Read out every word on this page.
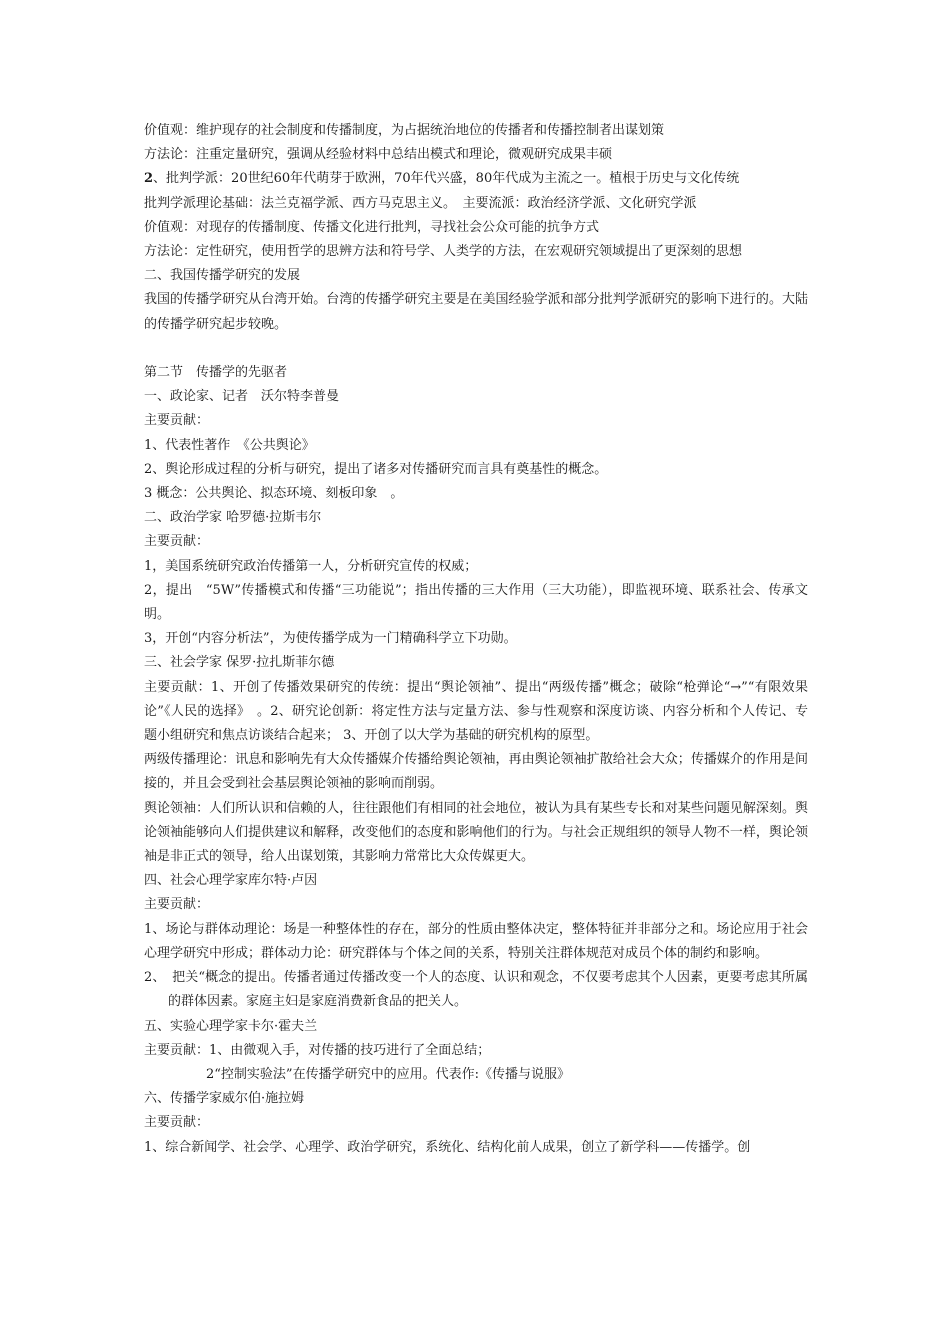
价值观：维护现存的社会制度和传播制度，为占据统治地位的传播者和传播控制者出谋划策
方法论：注重定量研究，强调从经验材料中总结出模式和理论，微观研究成果丰硕
2、批判学派：20世纪60年代萌芽于欧洲，70年代兴盛，80年代成为主流之一。植根于历史与文化传统
批判学派理论基础：法兰克福学派、西方马克思主义。　主要流派：政治经济学派、文化研究学派
价值观：对现存的传播制度、传播文化进行批判，寻找社会公众可能的抗争方式
方法论：定性研究，使用哲学的思辨方法和符号学、人类学的方法，在宏观研究领域提出了更深刻的思想
二、我国传播学研究的发展
我国的传播学研究从台湾开始。台湾的传播学研究主要是在美国经验学派和部分批判学派研究的影响下进行的。大陆的传播学研究起步较晚。
第二节　传播学的先驱者
一、政论家、记者　沃尔特李普曼
主要贡献：
1、代表性著作　《公共舆论》
2、舆论形成过程的分析与研究，提出了诸多对传播研究而言具有奠基性的概念。
3 概念：公共舆论、拟态环境、刻板印象　。
二、政治学家 哈罗德·拉斯韦尔
主要贡献：
1，美国系统研究政治传播第一人，分析研究宣传的权威；
2，提出　“5W”传播模式和传播“三功能说”；指出传播的三大作用（三大功能），即监视环境、联系社会、传承文明。
3，开创“内容分析法”，为使传播学成为一门精确科学立下功勋。
三、社会学家 保罗·拉扎斯菲尔德
主要贡献：1、开创了传播效果研究的传统：提出“舆论领袖”、提出“两级传播”概念；破除“枪弹论“→”“有限效果论”《人民的选择》　。2、研究论创新：将定性方法与定量方法、参与性观察和深度访谈、内容分析和个人传记、专题小组研究和焦点访谈结合起来； 3、开创了以大学为基础的研究机构的原型。
两级传播理论：讯息和影响先有大众传播媒介传播给舆论领袖，再由舆论领袖扩散给社会大众；传播媒介的作用是间接的，并且会受到社会基层舆论领袖的影响而削弱。
舆论领袖：人们所认识和信赖的人，往往跟他们有相同的社会地位，被认为具有某些专长和对某些问题见解深刻。舆论领袖能够向人们提供建议和解释，改变他们的态度和影响他们的行为。与社会正规组织的领导人物不一样，舆论领袖是非正式的领导，给人出谋划策，其影响力常常比大众传媒更大。
四、社会心理学家库尔特·卢因
主要贡献：
1、场论与群体动理论：场是一种整体性的存在，部分的性质由整体决定，整体特征并非部分之和。场论应用于社会心理学研究中形成；群体动力论：研究群体与个体之间的关系，特别关注群体规范对成员个体的制约和影响。
2、　把关“概念的提出。传播者通过传播改变一个人的态度、认识和观念，不仅要考虑其个人因素，更要考虑其所属的群体因素。家庭主妇是家庭消费新食品的把关人。
五、实验心理学家卡尔·霍夫兰
主要贡献：1、由微观入手，对传播的技巧进行了全面总结；
2“控制实验法”在传播学研究中的应用。代表作:《传播与说服》
六、传播学家威尔伯·施拉姆
主要贡献：
1、综合新闻学、社会学、心理学、政治学研究，系统化、结构化前人成果，创立了新学科——传播学。创
